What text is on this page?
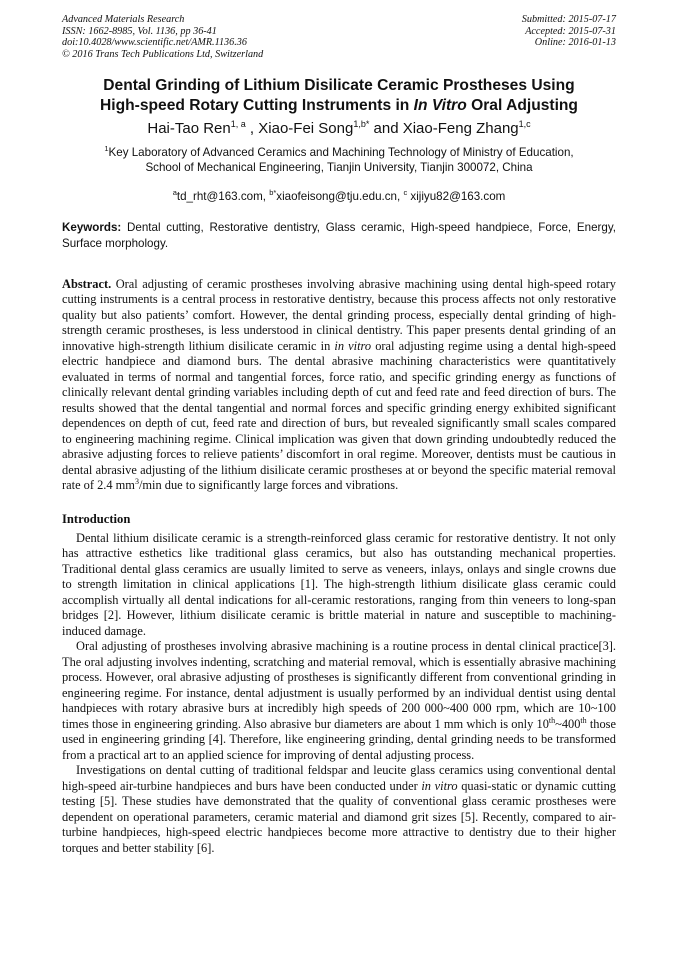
Advanced Materials Research
ISSN: 1662-8985, Vol. 1136, pp 36-41
doi:10.4028/www.scientific.net/AMR.1136.36
© 2016 Trans Tech Publications Ltd, Switzerland
Submitted: 2015-07-17
Accepted: 2015-07-31
Online: 2016-01-13
Dental Grinding of Lithium Disilicate Ceramic Prostheses Using
High-speed Rotary Cutting Instruments in In Vitro Oral Adjusting
Hai-Tao Ren$^{1, a}$ , Xiao-Fei Song$^{1,b*}$ and Xiao-Feng Zhang$^{1,c}$
$^1$Key Laboratory of Advanced Ceramics and Machining Technology of Ministry of Education,
School of Mechanical Engineering, Tianjin University, Tianjin 300072, China
$^a$td_rht@163.com, $^{b*}$xiaofeisong@tju.edu.cn, $^c$ xijiyu82@163.com
Keywords: Dental cutting, Restorative dentistry, Glass ceramic, High-speed handpiece, Force, Energy, Surface morphology.
Abstract. Oral adjusting of ceramic prostheses involving abrasive machining using dental high-speed rotary cutting instruments is a central process in restorative dentistry, because this process affects not only restorative quality but also patients’ comfort. However, the dental grinding process, especially dental grinding of high-strength ceramic prostheses, is less understood in clinical dentistry. This paper presents dental grinding of an innovative high-strength lithium disilicate ceramic in in vitro oral adjusting regime using a dental high-speed electric handpiece and diamond burs. The dental abrasive machining characteristics were quantitatively evaluated in terms of normal and tangential forces, force ratio, and specific grinding energy as functions of clinically relevant dental grinding variables including depth of cut and feed rate and feed direction of burs. The results showed that the dental tangential and normal forces and specific grinding energy exhibited significant dependences on depth of cut, feed rate and direction of burs, but revealed significantly small scales compared to engineering machining regime. Clinical implication was given that down grinding undoubtedly reduced the abrasive adjusting forces to relieve patients’ discomfort in oral regime. Moreover, dentists must be cautious in dental abrasive adjusting of the lithium disilicate ceramic prostheses at or beyond the specific material removal rate of 2.4 $mm^3/\min$ due to significantly large forces and vibrations.
Introduction

Dental lithium disilicate ceramic is a strength-reinforced glass ceramic for restorative dentistry. It not only has attractive esthetics like traditional glass ceramics, but also has outstanding mechanical properties. Traditional dental glass ceramics are usually limited to serve as veneers, inlays, onlays and single crowns due to strength limitation in clinical applications [1]. The high-strength lithium disilicate glass ceramic could accomplish virtually all dental indications for all-ceramic restorations, ranging from thin veneers to long-span bridges [2]. However, lithium disilicate ceramic is brittle material in nature and susceptible to machining-induced damage.

Oral adjusting of prostheses involving abrasive machining is a routine process in dental clinical practice[3]. The oral adjusting involves indenting, scratching and material removal, which is essentially abrasive machining process. However, oral abrasive adjusting of prostheses is significantly different from conventional grinding in engineering regime. For instance, dental adjustment is usually performed by an individual dentist using dental handpieces with rotary abrasive burs at incredibly high speeds of 200 000~400 000 rpm, which are 10~100 times those in engineering grinding. Also abrasive bur diameters are about 1 mm which is only 10th~400th those used in engineering grinding [4]. Therefore, like engineering grinding, dental grinding needs to be transformed from a practical art to an applied science for improving of dental adjusting process.

Investigations on dental cutting of traditional feldspar and leucite glass ceramics using conventional dental high-speed air-turbine handpieces and burs have been conducted under in vitro quasi-static or dynamic cutting testing [5]. These studies have demonstrated that the quality of conventional glass ceramic prostheses were dependent on operational parameters, ceramic material and diamond grit sizes [5]. Recently, compared to air-turbine handpieces, high-speed electric handpieces become more attractive to dentistry due to their higher torques and better stability [6].
